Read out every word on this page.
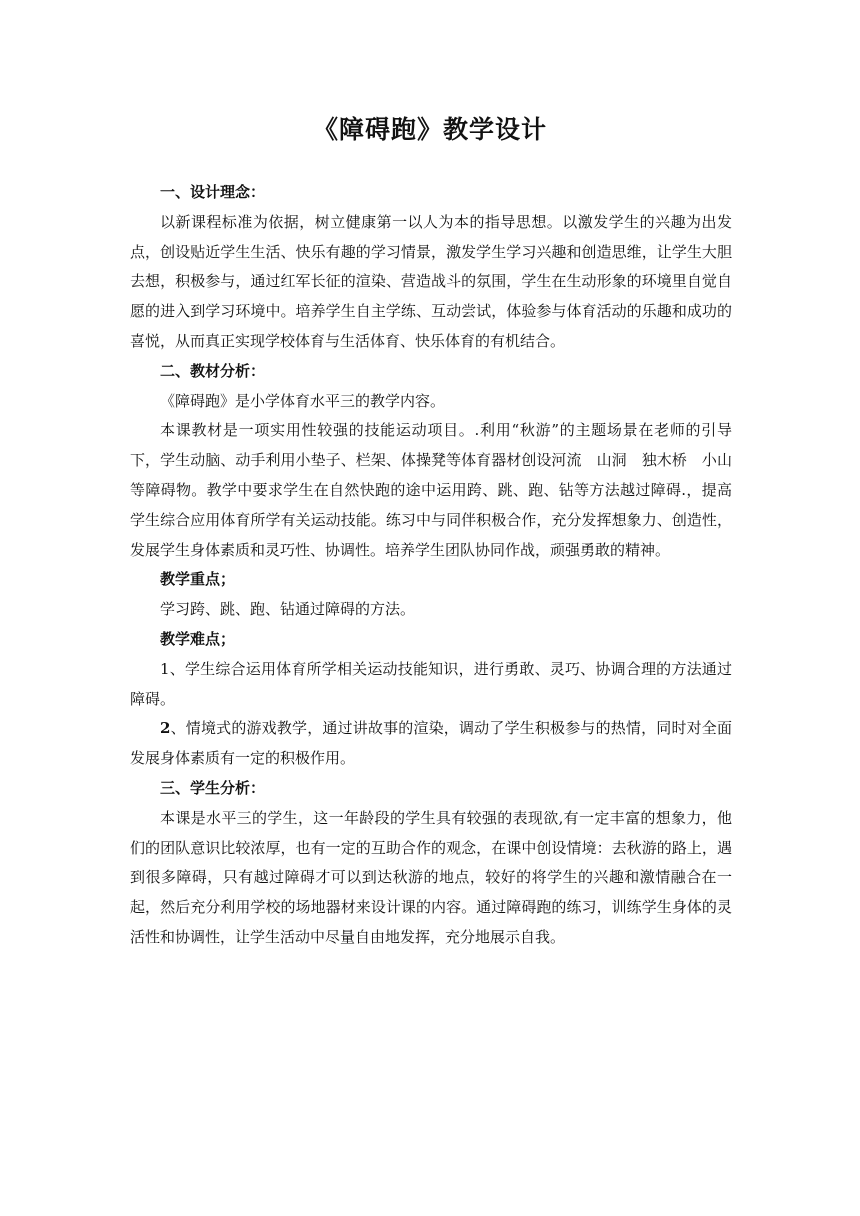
《障碍跑》教学设计

一、设计理念：

以新课程标准为依据，树立健康第一以人为本的指导思想。以激发学生的兴趣为出发点，创设贴近学生生活、快乐有趣的学习情景，激发学生学习兴趣和创造思维，让学生大胆去想，积极参与，通过红军长征的渲染、营造战斗的氛围，学生在生动形象的环境里自觉自愿的进入到学习环境中。培养学生自主学练、互动尝试，体验参与体育活动的乐趣和成功的喜悦，从而真正实现学校体育与生活体育、快乐体育的有机结合。

二、教材分析：

《障碍跑》是小学体育水平三的教学内容。

本课教材是一项实用性较强的技能运动项目。.利用“秋游”的主题场景在老师的引导下，学生动脑、动手利用小垫子、栏架、体操凳等体育器材创设河流　山洞　独木桥　小山等障碍物。教学中要求学生在自然快跑的途中运用跨、跳、跑、钻等方法越过障碍.，提高学生综合应用体育所学有关运动技能。练习中与同伴积极合作，充分发挥想象力、创造性，发展学生身体素质和灵巧性、协调性。培养学生团队协同作战，顽强勇敢的精神。

教学重点；

学习跨、跳、跑、钻通过障碍的方法。

教学难点；

1、学生综合运用体育所学相关运动技能知识，进行勇敢、灵巧、协调合理的方法通过障碍。

2、情境式的游戏教学，通过讲故事的渲染，调动了学生积极参与的热情，同时对全面发展身体素质有一定的积极作用。

三、学生分析：

本课是水平三的学生，这一年龄段的学生具有较强的表现欲,有一定丰富的想象力，他们的团队意识比较浓厚，也有一定的互助合作的观念，在课中创设情境：去秋游的路上，遇到很多障碍，只有越过障碍才可以到达秋游的地点，较好的将学生的兴趣和激情融合在一起，然后充分利用学校的场地器材来设计课的内容。通过障碍跑的练习，训练学生身体的灵活性和协调性，让学生活动中尽量自由地发挥，充分地展示自我。
